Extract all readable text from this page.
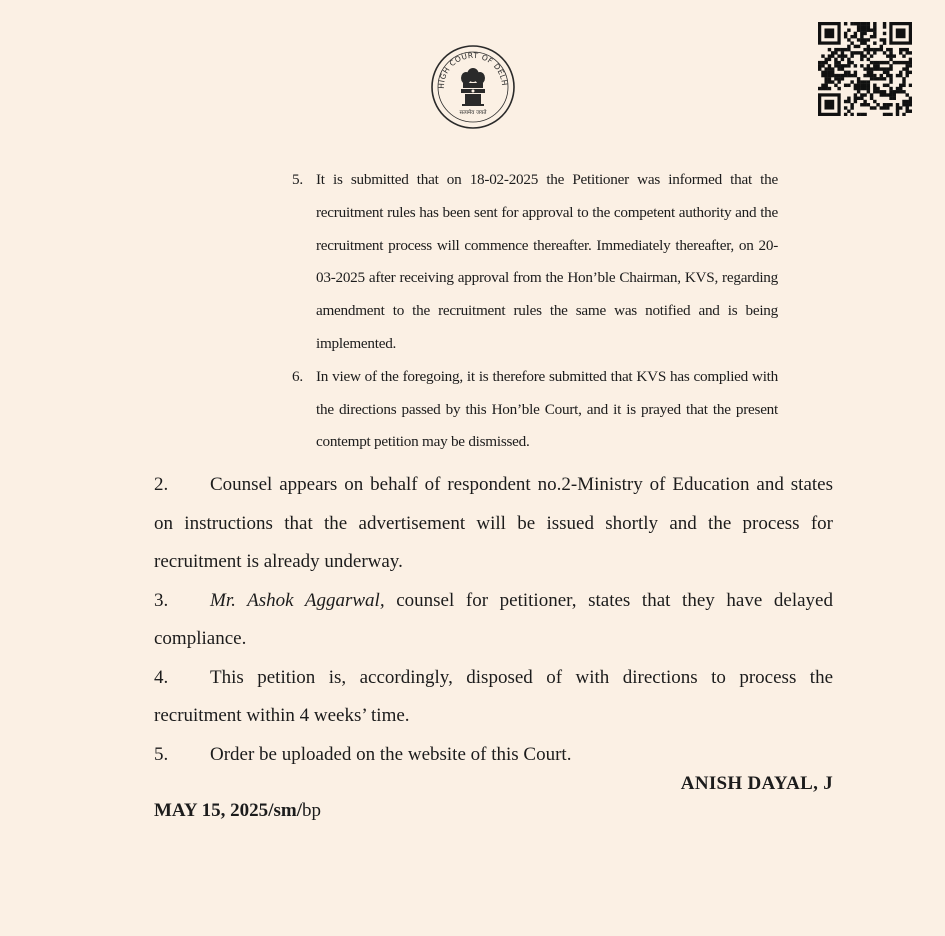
HIGH COURT OF DELH
सत्यमेव जयते
5. It is submitted that on 18-02-2025 the Petitioner was informed that the recruitment rules has been sent for approval to the competent authority and the recruitment process will commence thereafter. Immediately thereafter, on 20-03-2025 after receiving approval from the Hon’ble Chairman, KVS, regarding amendment to the recruitment rules the same was notified and is being implemented.
6. In view of the foregoing, it is therefore submitted that KVS has complied with the directions passed by this Hon’ble Court, and it is prayed that the present contempt petition may be dismissed.
2. Counsel appears on behalf of respondent no.2-Ministry of Education and states on instructions that the advertisement will be issued shortly and the process for recruitment is already underway.
3. Mr. Ashok Aggarwal, counsel for petitioner, states that they have delayed compliance.
4. This petition is, accordingly, disposed of with directions to process the recruitment within 4 weeks’ time.
5. Order be uploaded on the website of this Court.
ANISH DAYAL, J
MAY 15, 2025/sm/bp
